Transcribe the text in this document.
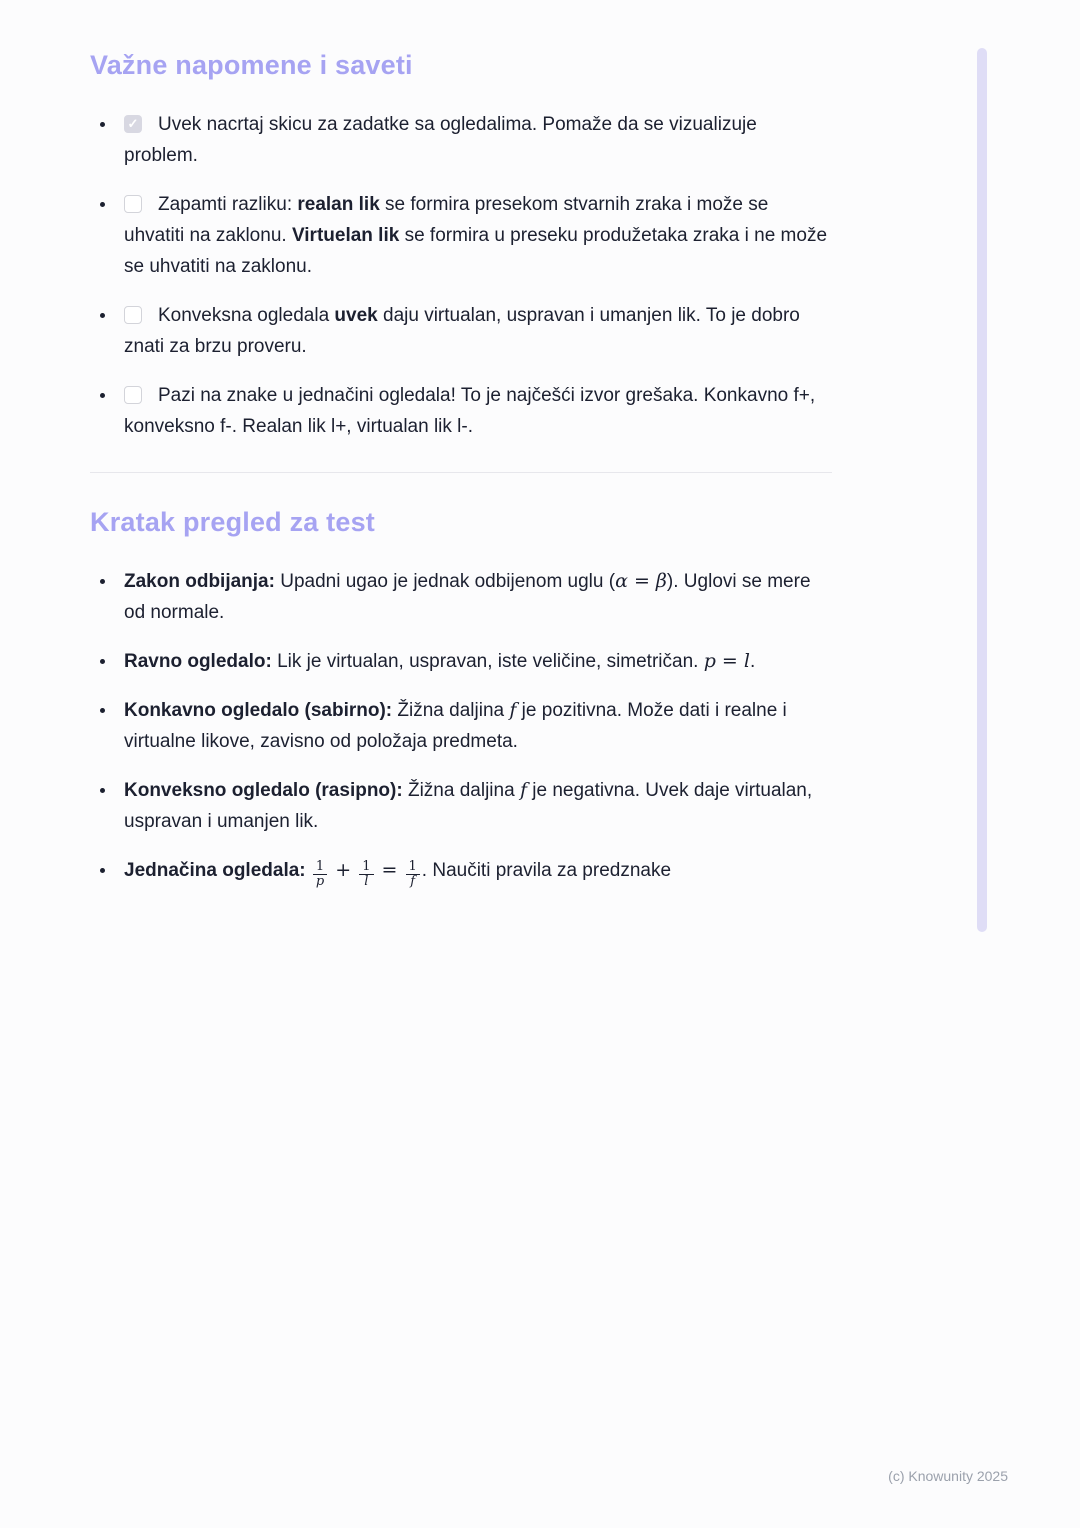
Važne napomene i saveti
✓ Uvek nacrtaj skicu za zadatke sa ogledalima. Pomaže da se vizualizuje problem.
Zapamti razliku: realan lik se formira presekom stvarnih zraka i može se uhvatiti na zaklonu. Virtuelan lik se formira u preseku produžetaka zraka i ne može se uhvatiti na zaklonu.
Konveksna ogledala uvek daju virtualan, uspravan i umanjen lik. To je dobro znati za brzu proveru.
Pazi na znake u jednačini ogledala! To je najčešći izvor grešaka. Konkavno f+, konveksno f-. Realan lik l+, virtualan lik l-.
Kratak pregled za test
Zakon odbijanja: Upadni ugao je jednak odbijenom uglu (α = β). Uglovi se mere od normale.
Ravno ogledalo: Lik je virtualan, uspravan, iste veličine, simetričan. p = l.
Konkavno ogledalo (sabirno): Žižna daljina f je pozitivna. Može dati i realne i virtualne likove, zavisno od položaja predmeta.
Konveksno ogledalo (rasipno): Žižna daljina f je negativna. Uvek daje virtualan, uspravan i umanjen lik.
Jednačina ogledala: $\frac{1}{p} + \frac{1}{l} = \frac{1}{f}$ . Naučiti pravila za predznake
(c) Knowunity 2025
